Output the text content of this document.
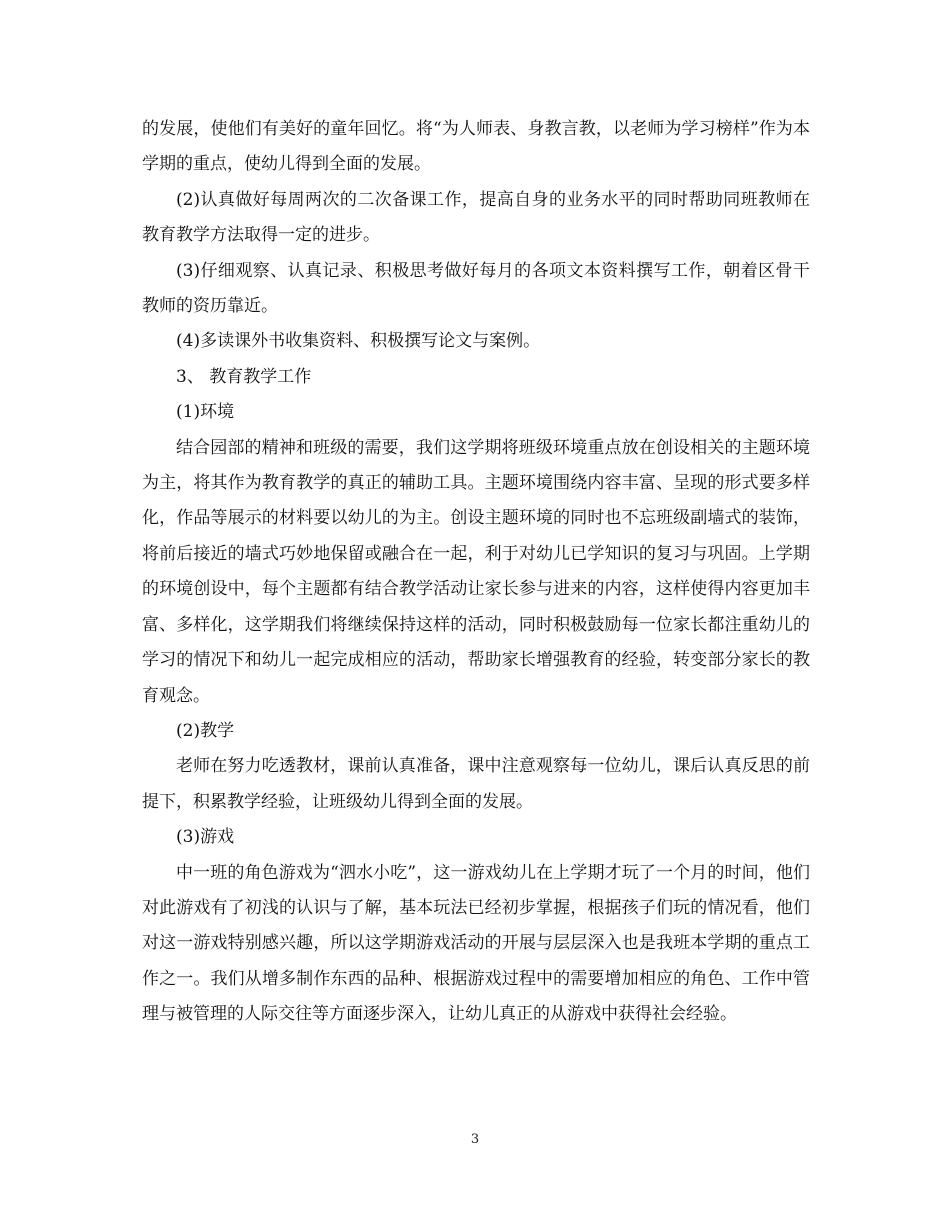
的发展，使他们有美好的童年回忆。将“为人师表、身教言教，以老师为学习榜样”作为本学期的重点，使幼儿得到全面的发展。

(2)认真做好每周两次的二次备课工作，提高自身的业务水平的同时帮助同班教师在教育教学方法取得一定的进步。

(3)仔细观察、认真记录、积极思考做好每月的各项文本资料撰写工作，朝着区骨干教师的资历靠近。

(4)多读课外书收集资料、积极撰写论文与案例。

3、 教育教学工作

(1)环境

结合园部的精神和班级的需要，我们这学期将班级环境重点放在创设相关的主题环境为主，将其作为教育教学的真正的辅助工具。主题环境围绕内容丰富、呈现的形式要多样化，作品等展示的材料要以幼儿的为主。创设主题环境的同时也不忘班级副墙式的装饰，将前后接近的墙式巧妙地保留或融合在一起，利于对幼儿已学知识的复习与巩固。上学期的环境创设中，每个主题都有结合教学活动让家长参与进来的内容，这样使得内容更加丰富、多样化，这学期我们将继续保持这样的活动，同时积极鼓励每一位家长都注重幼儿的学习的情况下和幼儿一起完成相应的活动，帮助家长增强教育的经验，转变部分家长的教育观念。

(2)教学

老师在努力吃透教材，课前认真准备，课中注意观察每一位幼儿，课后认真反思的前提下，积累教学经验，让班级幼儿得到全面的发展。

(3)游戏

中一班的角色游戏为“泗水小吃”，这一游戏幼儿在上学期才玩了一个月的时间，他们对此游戏有了初浅的认识与了解，基本玩法已经初步掌握，根据孩子们玩的情况看，他们对这一游戏特别感兴趣，所以这学期游戏活动的开展与层层深入也是我班本学期的重点工作之一。我们从增多制作东西的品种、根据游戏过程中的需要增加相应的角色、工作中管理与被管理的人际交往等方面逐步深入，让幼儿真正的从游戏中获得社会经验。

3
